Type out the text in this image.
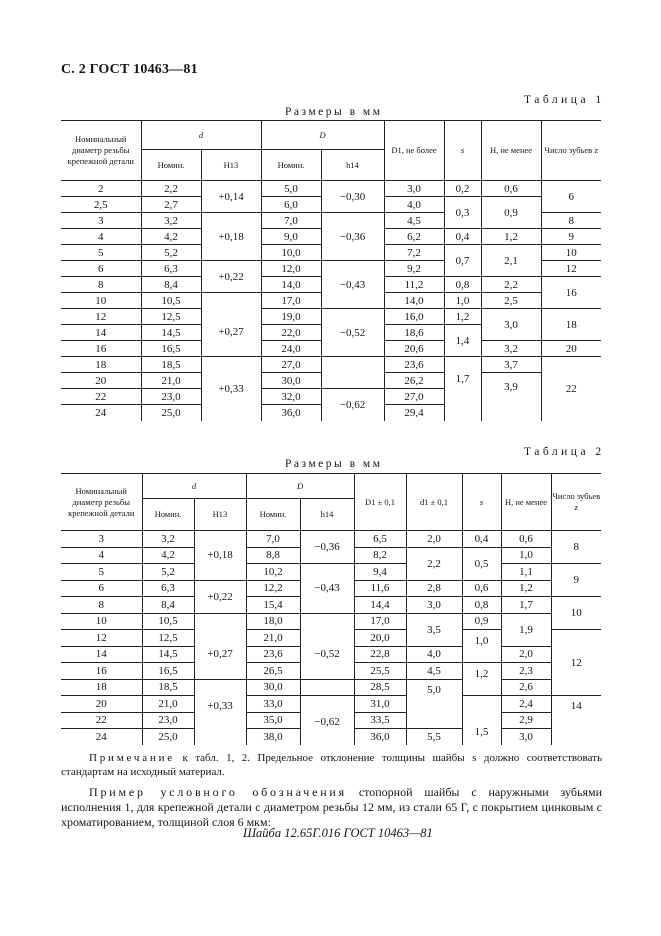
С. 2 ГОСТ 10463—81
Таблица 1
Размеры в мм
Номинальный диаметр резьбы крепежной детали	d		D		D1, не более	s	H, не менее	Число зубьев z
	Номин.	H13	Номин.	h14				
2	2,2	+0,14	5,0	−0,30	3,0	0,2	0,6	6
2,5	2,7		6,0		4,0	0,3	0,9	
3	3,2	+0,18	7,0	−0,36	4,5			8
4	4,2		9,0		6,2	0,4	1,2	9
5	5,2		10,0		7,2	0,7	2,1	10
6	6,3	+0,22	12,0	−0,43	9,2			12
8	8,4		14,0		11,2	0,8	2,2	16
10	10,5		17,0		14,0	1,0	2,5	
12	12,5	+0,27	19,0	−0,52	16,0	1,2	3,0	18
14	14,5		22,0		18,6	1,4		
16	16,5		24,0		20,6		3,2	20
18	18,5	+0,33	27,0		23,6	1,7	3,7	22
20	21,0		30,0		26,2		3,9	
22	23,0		32,0	−0,62	27,0			
24	25,0		36,0		29,4			
Таблица 2
Размеры в мм
Номинальный диаметр резьбы крепежной детали	d		D		D1 ± 0,1	d1 ± 0,1	s	H, не менее	Число зубьев z
	Номин.	H13	Номин.	h14					
3	3,2	+0,18	7,0	−0,36	6,5	2,0	0,4	0,6	8
4	4,2		8,8		8,2	2,2	0,5	1,0	
5	5,2		10,2	−0,43	9,4			1,1	9
6	6,3	+0,22	12,2		11,6	2,8	0,6	1,2	
8	8,4		15,4		14,4	3,0	0,8	1,7	10
10	10,5		18,0		17,0	3,5	0,9	1,9	
12	12,5	+0,27	21,0	−0,52	20,0		1,0		12
14	14,5		23,6		22,8	4,0		2,0	
16	16,5		26,5		25,5	4,5	1,2	2,3	
18	18,5		30,0		28,5	5,0		2,6	
20	21,0	+0,33	33,0		31,0		1,5	2,4	14
22	23,0		35,0	−0,62	33,5			2,9	
24	25,0		38,0		36,0	5,5		3,0	
Примечание к табл. 1, 2. Предельное отклонение толщины шайбы s должно соответствовать стандартам на исходный материал.
Пример условного обозначения стопорной шайбы с наружными зубьями исполнения 1, для крепежной детали с диаметром резьбы 12 мм, из стали 65 Г, с покрытием цинковым с хроматированием, толщиной слоя 6 мкм:
Шайба 12.65Г.016 ГОСТ 10463—81
